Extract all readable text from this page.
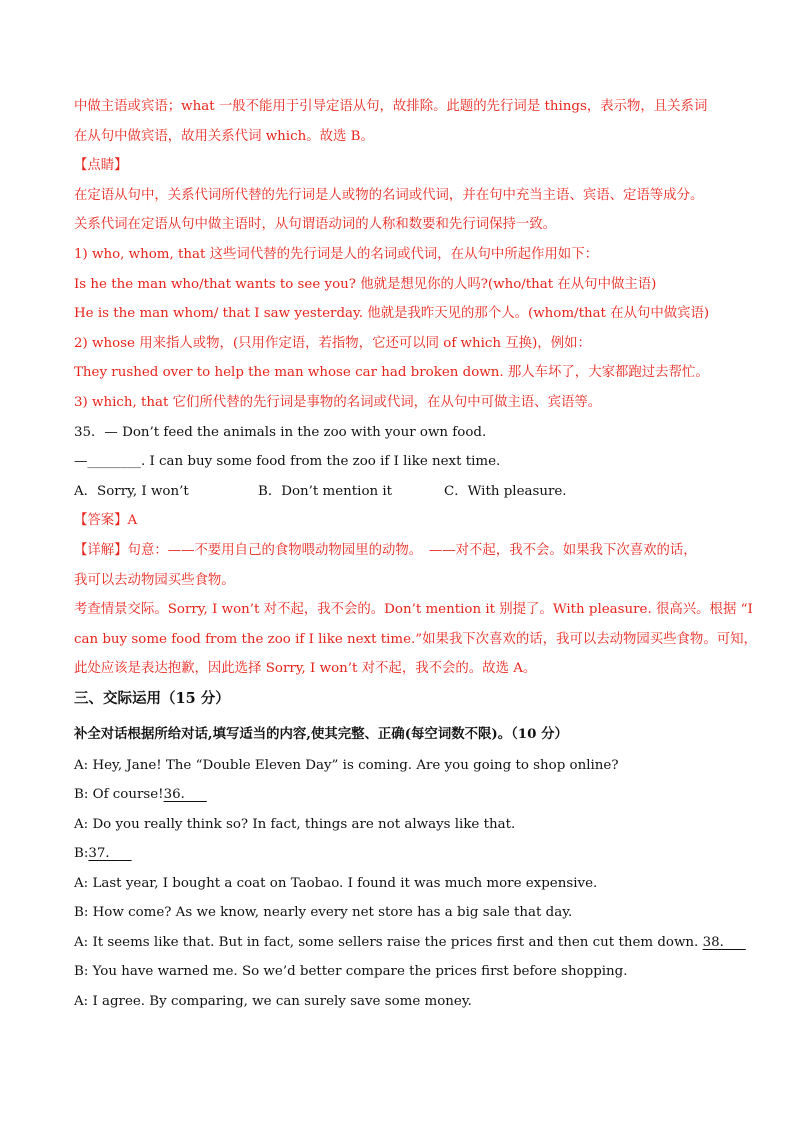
中做主语或宾语；what 一般不能用于引导定语从句，故排除。此题的先行词是 things，表示物，且关系词
在从句中做宾语，故用关系代词 which。故选 B。
【点睛】
在定语从句中，关系代词所代替的先行词是人或物的名词或代词，并在句中充当主语、宾语、定语等成分。
关系代词在定语从句中做主语时，从句谓语动词的人称和数要和先行词保持一致。
1) who, whom, that 这些词代替的先行词是人的名词或代词，在从句中所起作用如下：
Is he the man who/that wants to see you? 他就是想见你的人吗?(who/that 在从句中做主语)
He is the man whom/ that I saw yesterday. 他就是我昨天见的那个人。(whom/that 在从句中做宾语)
2) whose 用来指人或物，(只用作定语，若指物，它还可以同 of which 互换)，例如：
They rushed over to help the man whose car had broken down. 那人车坏了，大家都跑过去帮忙。
3) which, that 它们所代替的先行词是事物的名词或代词，在从句中可做主语、宾语等。
35．— Don’t feed the animals in the zoo with your own food.
—________. I can buy some food from the zoo if I like next time.
A．Sorry, I won’t	B．Don’t mention it	C．With pleasure.
【答案】A
【详解】句意：——不要用自己的食物喂动物园里的动物。　——对不起，我不会。如果我下次喜欢的话，
我可以去动物园买些食物。
考查情景交际。Sorry, I won’t 对不起，我不会的。Don’t mention it 别提了。With pleasure. 很高兴。根据 “I
can buy some food from the zoo if I like next time.”如果我下次喜欢的话，我可以去动物园买些食物。可知，
此处应该是表达抱歉，因此选择 Sorry, I won’t 对不起，我不会的。故选 A。
三、交际运用（15 分）
补全对话根据所给对话,填写适当的内容,使其完整、正确(每空词数不限)。（10 分）
A: Hey, Jane! The “Double Eleven Day” is coming. Are you going to shop online?
B: Of course!36．
A: Do you really think so? In fact, things are not always like that.
B:37．
A: Last year, I bought a coat on Taobao. I found it was much more expensive.
B: How come? As we know, nearly every net store has a big sale that day.
A: It seems like that. But in fact, some sellers raise the prices first and then cut them down. 38．
B: You have warned me. So we’d better compare the prices first before shopping.
A: I agree. By comparing, we can surely save some money.
